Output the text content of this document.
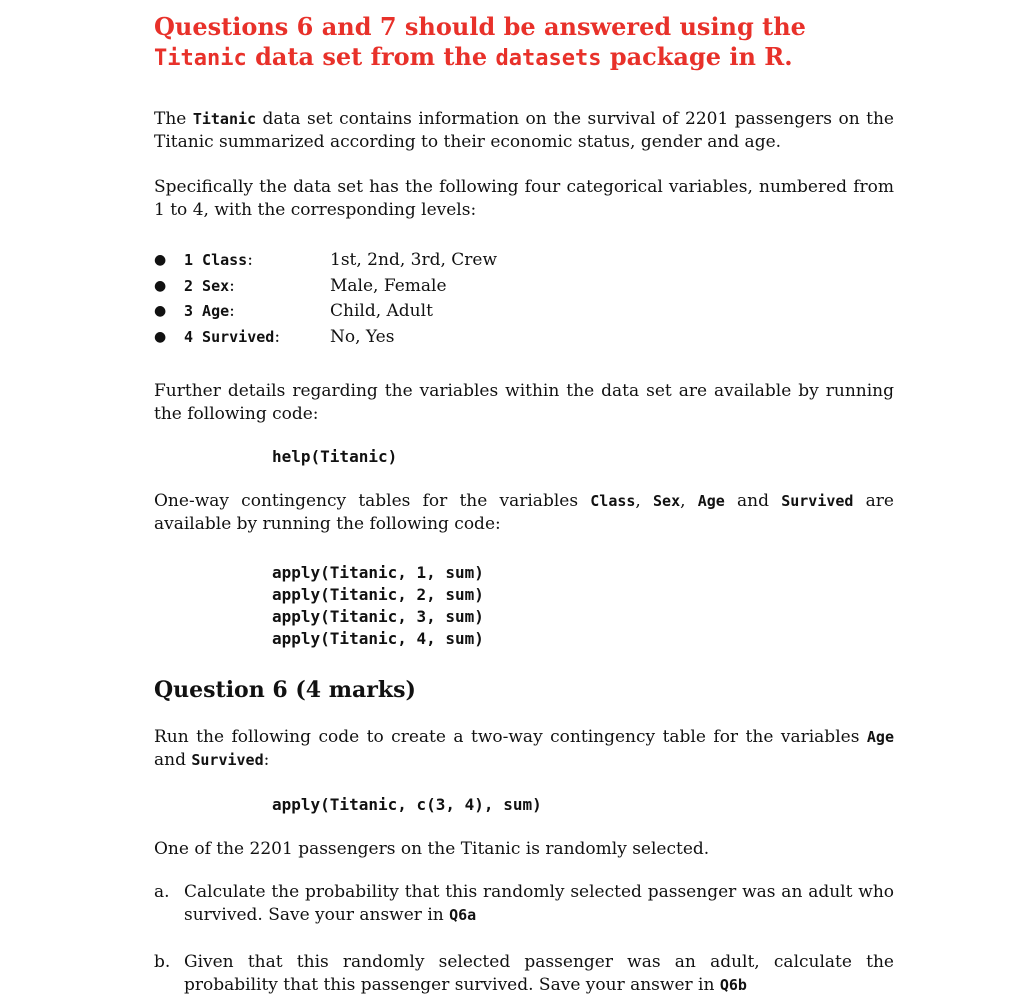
Questions 6 and 7 should be answered using the Titanic data set from the datasets package in R.

The Titanic data set contains information on the survival of 2201 passengers on the Titanic summarized according to their economic status, gender and age.

Specifically the data set has the following four categorical variables, numbered from 1 to 4, with the corresponding levels:

● 1 Class:	1st, 2nd, 3rd, Crew
● 2 Sex:	Male, Female
● 3 Age:	Child, Adult
● 4 Survived:	No, Yes

Further details regarding the variables within the data set are available by running the following code:

help(Titanic)

One-way contingency tables for the variables Class, Sex, Age and Survived are available by running the following code:

apply(Titanic, 1, sum)
apply(Titanic, 2, sum)
apply(Titanic, 3, sum)
apply(Titanic, 4, sum)
Question 6 (4 marks)

Run the following code to create a two-way contingency table for the variables Age and Survived:

apply(Titanic, c(3, 4), sum)

One of the 2201 passengers on the Titanic is randomly selected.

a. Calculate the probability that this randomly selected passenger was an adult who survived. Save your answer in Q6a
b. Given that this randomly selected passenger was an adult, calculate the probability that this passenger survived. Save your answer in Q6b
